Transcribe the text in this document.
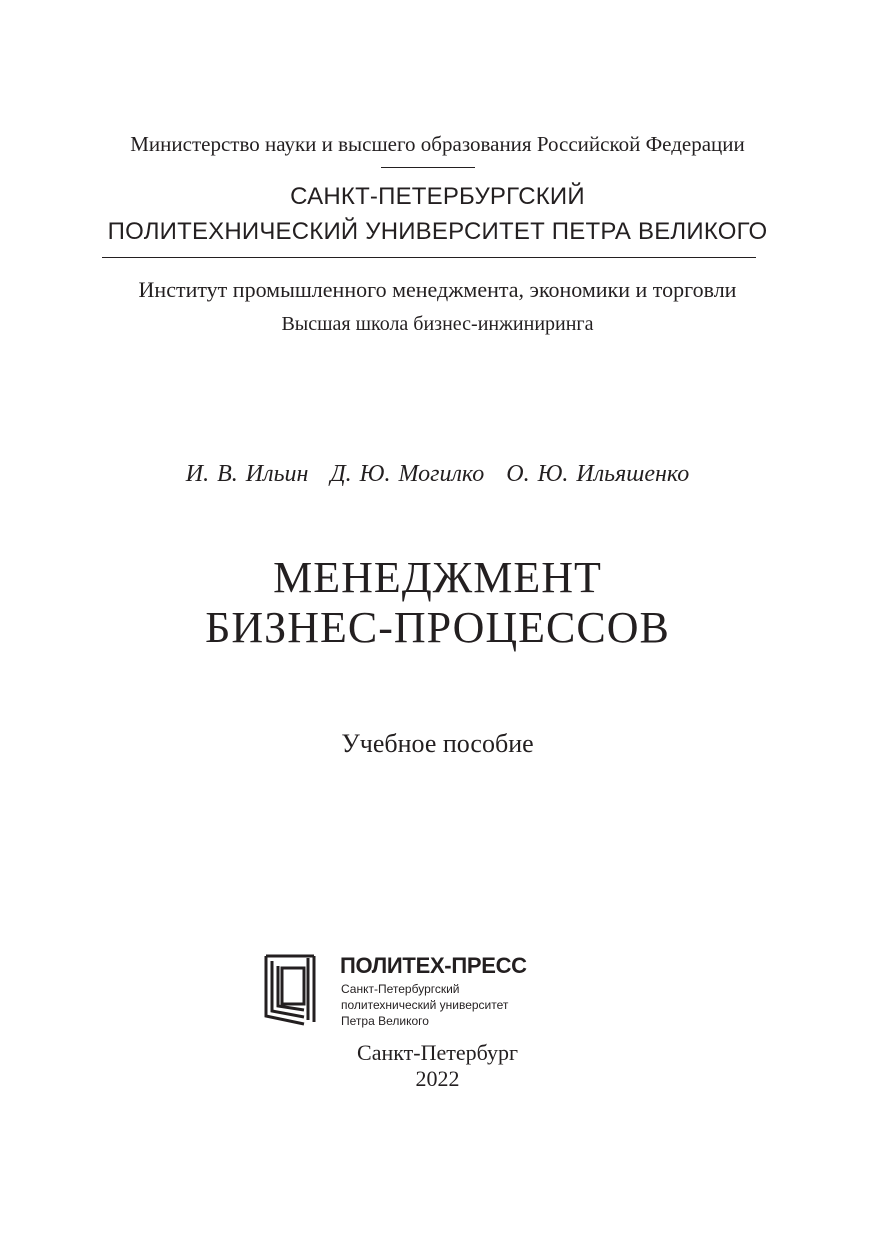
Министерство науки и высшего образования Российской Федерации
САНКТ-ПЕТЕРБУРГСКИЙ
ПОЛИТЕХНИЧЕСКИЙ УНИВЕРСИТЕТ ПЕТРА ВЕЛИКОГО
Институт промышленного менеджмента, экономики и торговли
Высшая школа бизнес-инжиниринга
И. В. Ильин Д. Ю. Могилко О. Ю. Ильяшенко
МЕНЕДЖМЕНТ
БИЗНЕС-ПРОЦЕССОВ
Учебное пособие
ПОЛИТЕХ-ПРЕСС
Санкт-Петербургский
политехнический университет
Петра Великого
Санкт-Петербург
2022
